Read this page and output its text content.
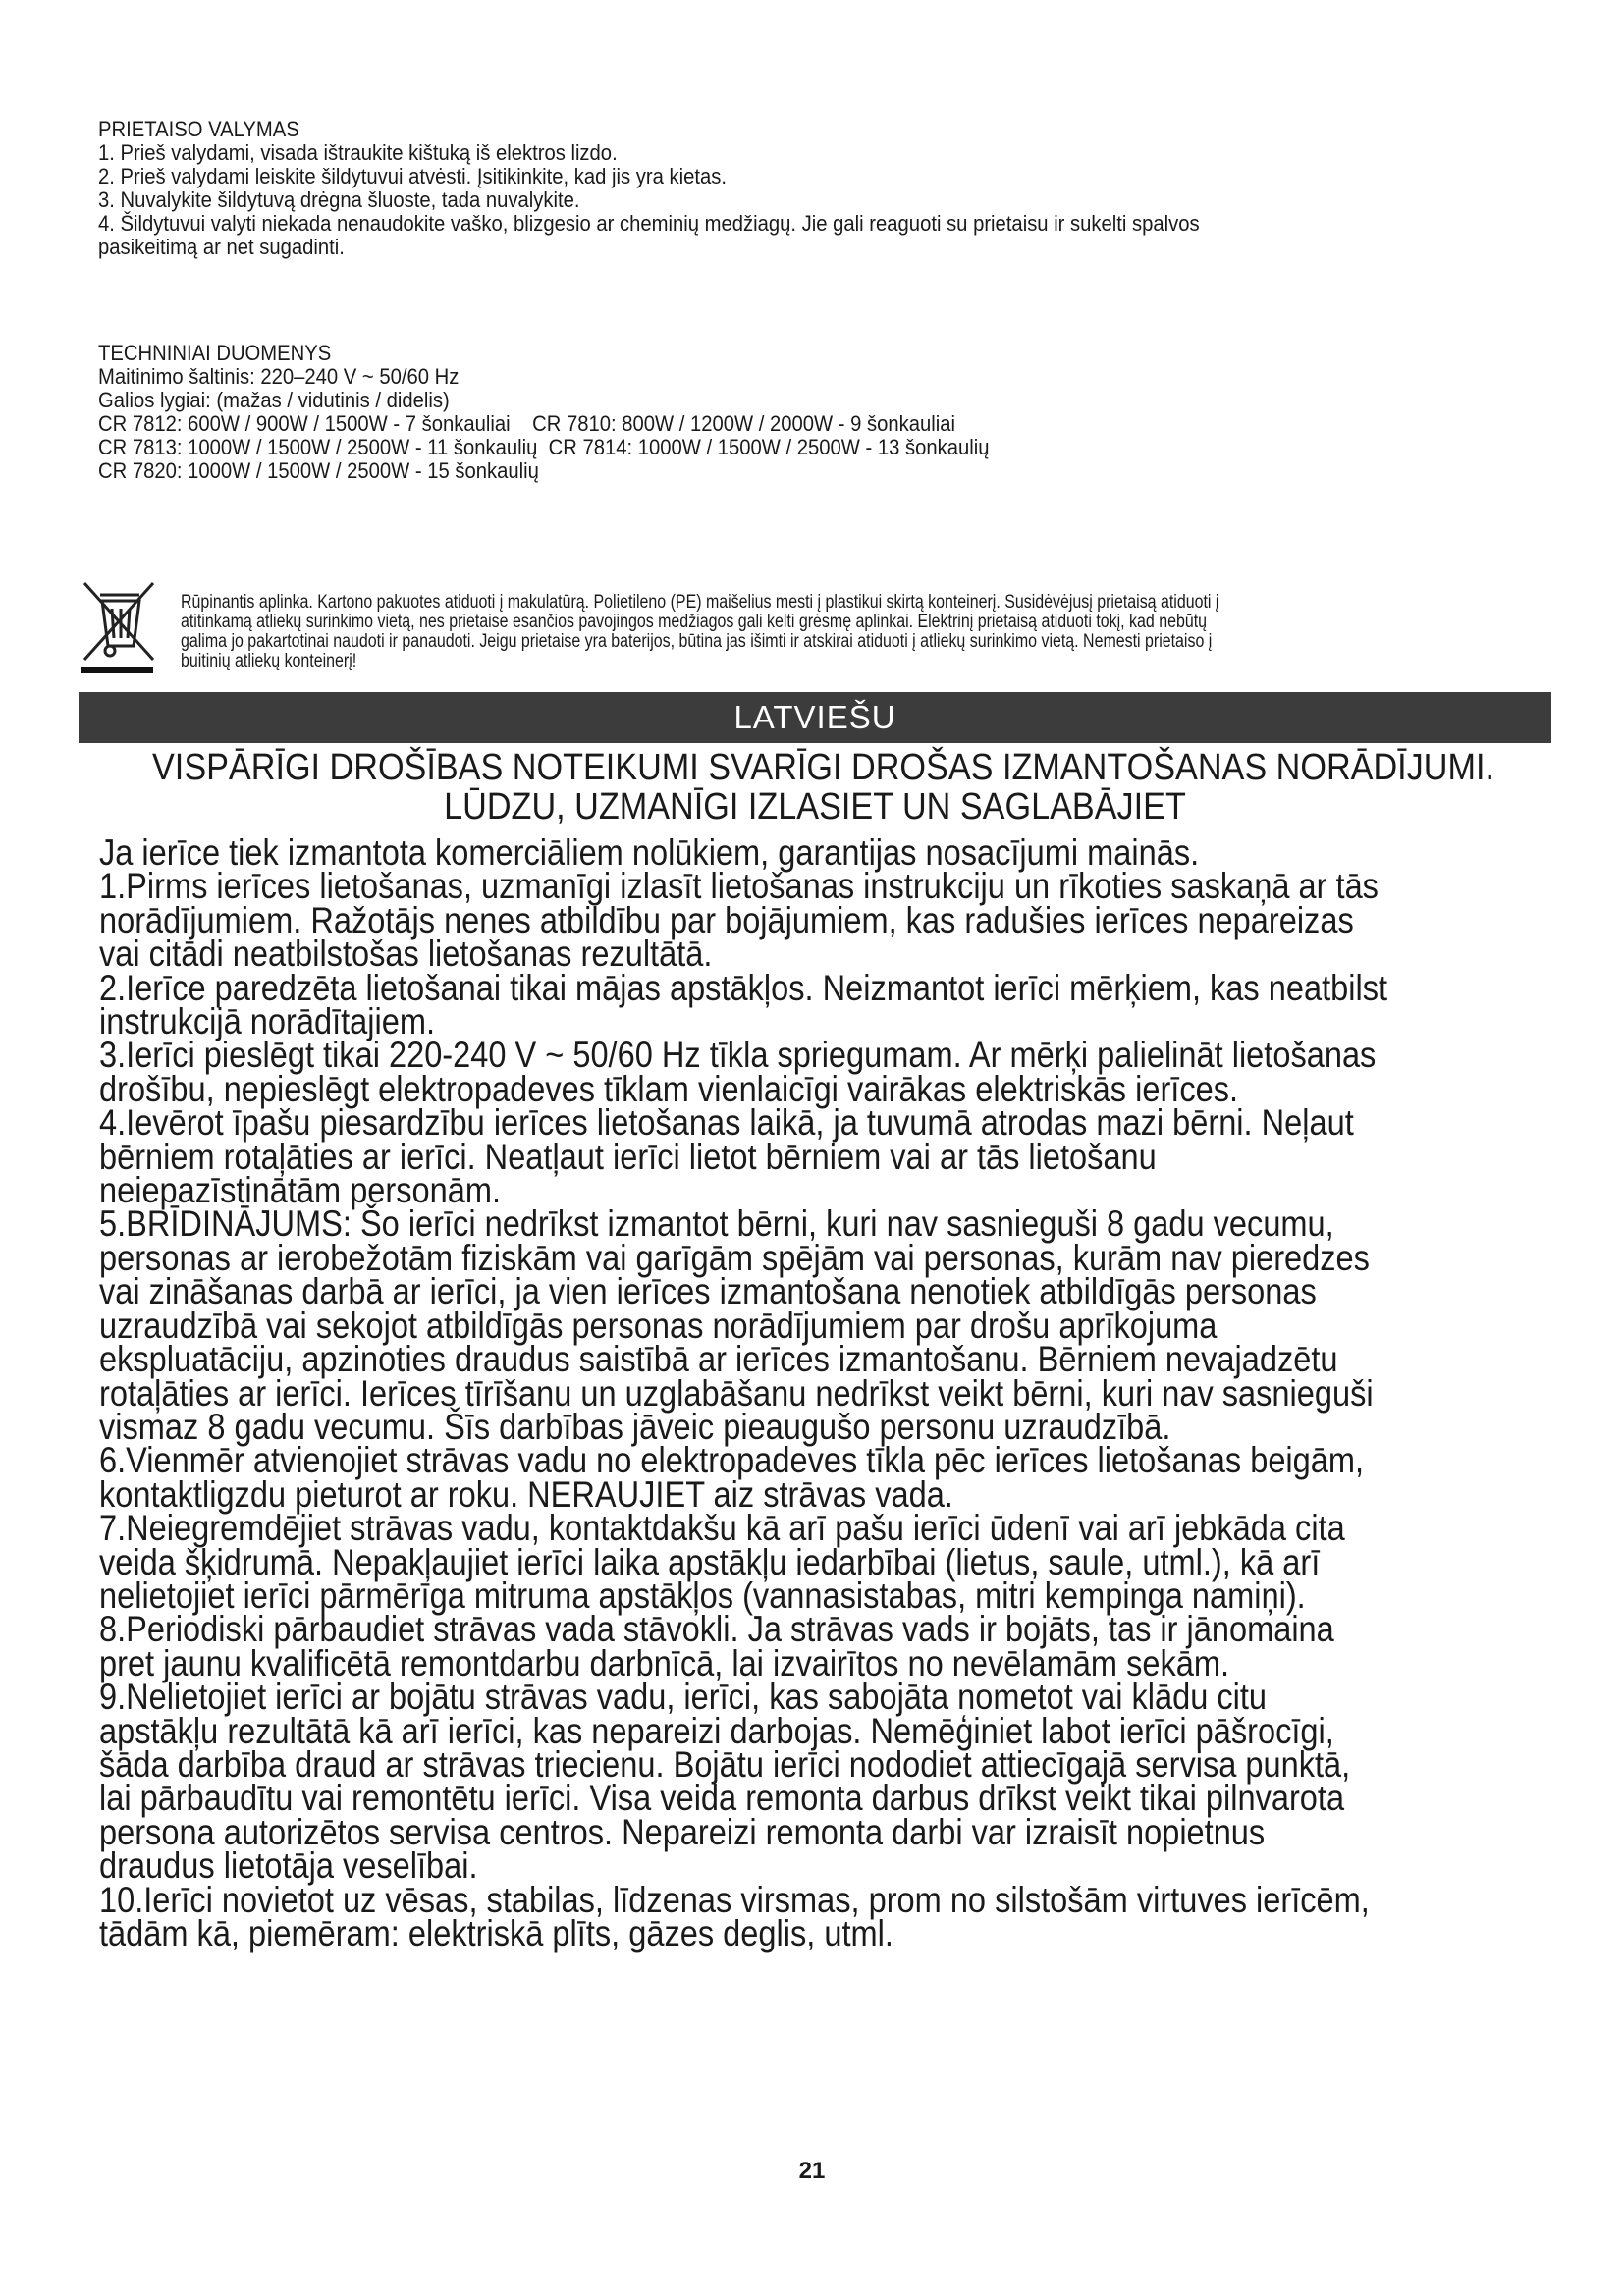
PRIETAISO VALYMAS

1. Prieš valydami, visada ištraukite kištuką iš elektros lizdo.

2. Prieš valydami leiskite šildytuvui atvėsti. Įsitikinkite, kad jis yra kietas.

3. Nuvalykite šildytuvą drėgna šluoste, tada nuvalykite.

4. Šildytuvui valyti niekada nenaudokite vaško, blizgesio ar cheminių medžiagų. Jie gali reaguoti su prietaisu ir sukelti spalvos

pasikeitimą ar net sugadinti.

TECHNINIAI DUOMENYS

Maitinimo šaltinis: 220–240 V ~ 50/60 Hz

Galios lygiai: (mažas / vidutinis / didelis)

CR 7812: 600W / 900W / 1500W - 7 šonkauliai    CR 7810: 800W / 1200W / 2000W - 9 šonkauliai

CR 7813: 1000W / 1500W / 2500W - 11 šonkaulių  CR 7814: 1000W / 1500W / 2500W - 13 šonkaulių

CR 7820: 1000W / 1500W / 2500W - 15 šonkaulių

Rūpinantis aplinka. Kartono pakuotes atiduoti į makulatūrą. Polietileno (PE) maišelius mesti į plastikui skirtą konteinerį. Susidėvėjusį prietaisą atiduoti į

atitinkamą atliekų surinkimo vietą, nes prietaise esančios pavojingos medžiagos gali kelti grėsmę aplinkai. Elektrinį prietaisą atiduoti tokį, kad nebūtų

galima jo pakartotinai naudoti ir panaudoti. Jeigu prietaise yra baterijos, būtina jas išimti ir atskirai atiduoti į atliekų surinkimo vietą. Nemesti prietaiso į

buitinių atliekų konteinerį!

LATVIEŠU
VISPĀRĪGI DROŠĪBAS NOTEIKUMI SVARĪGI DROŠAS IZMANTOŠANAS NORĀDĪJUMI.
LŪDZU, UZMANĪGI IZLASIET UN SAGLABĀJIET

Ja ierīce tiek izmantota komerciāliem nolūkiem, garantijas nosacījumi mainās.

1.Pirms ierīces lietošanas, uzmanīgi izlasīt lietošanas instrukciju un rīkoties saskaņā ar tās

norādījumiem. Ražotājs nenes atbildību par bojājumiem, kas radušies ierīces nepareizas

vai citādi neatbilstošas lietošanas rezultātā.

2.Ierīce paredzēta lietošanai tikai mājas apstākļos. Neizmantot ierīci mērķiem, kas neatbilst

instrukcijā norādītajiem.

3.Ierīci pieslēgt tikai 220-240 V ~ 50/60 Hz tīkla spriegumam. Ar mērķi palielināt lietošanas

drošību, nepieslēgt elektropadeves tīklam vienlaicīgi vairākas elektriskās ierīces.

4.Ievērot īpašu piesardzību ierīces lietošanas laikā, ja tuvumā atrodas mazi bērni. Neļaut

bērniem rotaļāties ar ierīci. Neatļaut ierīci lietot bērniem vai ar tās lietošanu

neiepazīstinātām personām.

5.BRĪDINĀJUMS: Šo ierīci nedrīkst izmantot bērni, kuri nav sasnieguši 8 gadu vecumu,

personas ar ierobežotām fiziskām vai garīgām spējām vai personas, kurām nav pieredzes

vai zināšanas darbā ar ierīci, ja vien ierīces izmantošana nenotiek atbildīgās personas

uzraudzībā vai sekojot atbildīgās personas norādījumiem par drošu aprīkojuma

ekspluatāciju, apzinoties draudus saistībā ar ierīces izmantošanu. Bērniem nevajadzētu

rotaļāties ar ierīci. Ierīces tīrīšanu un uzglabāšanu nedrīkst veikt bērni, kuri nav sasnieguši

vismaz 8 gadu vecumu. Šīs darbības jāveic pieaugušo personu uzraudzībā.

6.Vienmēr atvienojiet strāvas vadu no elektropadeves tīkla pēc ierīces lietošanas beigām,

kontaktligzdu pieturot ar roku. NERAUJIET aiz strāvas vada.

7.Neiegremdējiet strāvas vadu, kontaktdakšu kā arī pašu ierīci ūdenī vai arī jebkāda cita

veida šķidrumā. Nepakļaujiet ierīci laika apstākļu iedarbībai (lietus, saule, utml.), kā arī

nelietojiet ierīci pārmērīga mitruma apstākļos (vannasistabas, mitri kempinga namiņi).

8.Periodiski pārbaudiet strāvas vada stāvokli. Ja strāvas vads ir bojāts, tas ir jānomaina

pret jaunu kvalificētā remontdarbu darbnīcā, lai izvairītos no nevēlamām sekām.

9.Nelietojiet ierīci ar bojātu strāvas vadu, ierīci, kas sabojāta nometot vai klādu citu

apstākļu rezultātā kā arī ierīci, kas nepareizi darbojas. Nemēģiniet labot ierīci pāšrocīgi,

šāda darbība draud ar strāvas triecienu. Bojātu ierīci nododiet attiecīgajā servisa punktā,

lai pārbaudītu vai remontētu ierīci. Visa veida remonta darbus drīkst veikt tikai pilnvarota

persona autorizētos servisa centros. Nepareizi remonta darbi var izraisīt nopietnus

draudus lietotāja veselībai.

10.Ierīci novietot uz vēsas, stabilas, līdzenas virsmas, prom no silstošām virtuves ierīcēm,

tādām kā, piemēram: elektriskā plīts, gāzes deglis, utml.

21
